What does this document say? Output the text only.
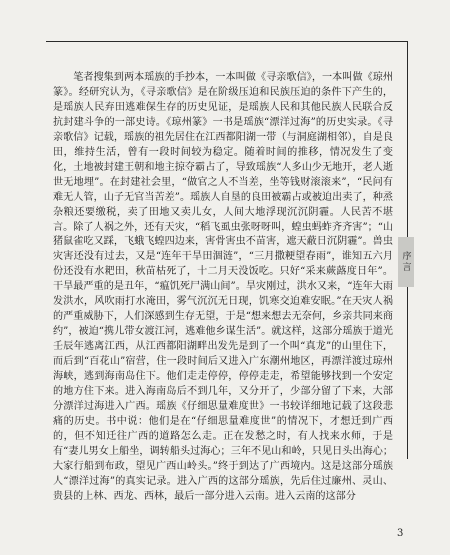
序言

笔者搜集到两本瑶族的手抄本，一本叫做《寻亲歌信》，一本叫做《琼州篆》。经研究认为，《寻亲歌信》是在阶级压迫和民族压迫的条件下产生的，是瑶族人民弃田逃难保生存的历史见证，是瑶族人民和其他民族人民联合反抗封建斗争的一部史诗。《琼州篆》一书是瑶族“漂洋过海”的历史实录。《寻亲歌信》记载，瑶族的祖先居住在江西都阳湖一带（与洞庭湖相邻），自是良田，维持生活，曾有一段时间较为稳定。随着时间的推移，情况发生了变化，土地被封建王朝和地主掠夺霸占了，导致瑶族“人多山少无地开，老人逝世无地埋”。在封建社会里，“做官之人不当差，坐等钱财滚滚来”，“民问有难无人管，山子无官当苦差”。瑶族人自垦的良田被霸占或被迫出卖了，种烝杂粮还要缴税，卖了田地又卖儿女，人间大地浮现沉沉阴霾。人民苦不堪言。除了人祸之外，还有天灾，“稻飞虱虫张呀呀叫，蝗虫蚂蚱齐齐害”；“山猪鼠雀吃又踩，飞蛾飞蝗四边来，害骨害虫不苗害，遮天蔽日沉阴霾”。兽虫灾害还没有过去，又是“连年干旱田涸涟”，“三月撒粳望春雨”，谁知五六月份还没有水耙田，秋苗枯死了，十二月天没饭吃。只好“采来蕨蕗度日年”。干旱最严重的是丑年，“瘟饥死尸满山间”。旱灾刚过，洪水又来，“连年大雨发洪水，风吹雨打水淹田，雾气沉沉无日现，饥寒交迫难安眠。”在天灾人祸的严重威胁下，人们深感到生存无望，于是“想来想去无奈何，乡亲共同来商约”，被迫“携儿带女渡江河，逃难他乡谋生活”。就这样，这部分瑶族于道光壬辰年逃离江西，从江西都阳湖畔出发先是到了一个叫“真龙”的山里住下，而后到“百花山”宿营，住一段时间后又进入广东潮州地区，再漂洋渡过琼州海峡，逃到海南岛住下。他们走走停停，停停走走，希望能够找到一个安定的地方住下来。进入海南岛后不到几年，又分开了，少部分留了下来，大部分漂洋过海进入广西。瑶族《仔细思量难度世》一书较详细地记载了这段悲痛的历史。书中说：他们是在“仔细思量难度世”的情况下，才想迁到广西的，但不知迁往广西的道路怎么走。正在发愁之时，有人找来水师，于是有“妻儿男女上船坐，调转船头过海心；三年不见山和岭，只见日头出海心；大家行船到布政，望见广西山岭头。”终于到达了广西境内。这是这部分瑶族人“漂洋过海”的真实记录。进入广西的这部分瑶族，先后住过廉州、灵山、贵县的上林、西龙、西林，最后一部分进入云南。进入云南的这部分

3
